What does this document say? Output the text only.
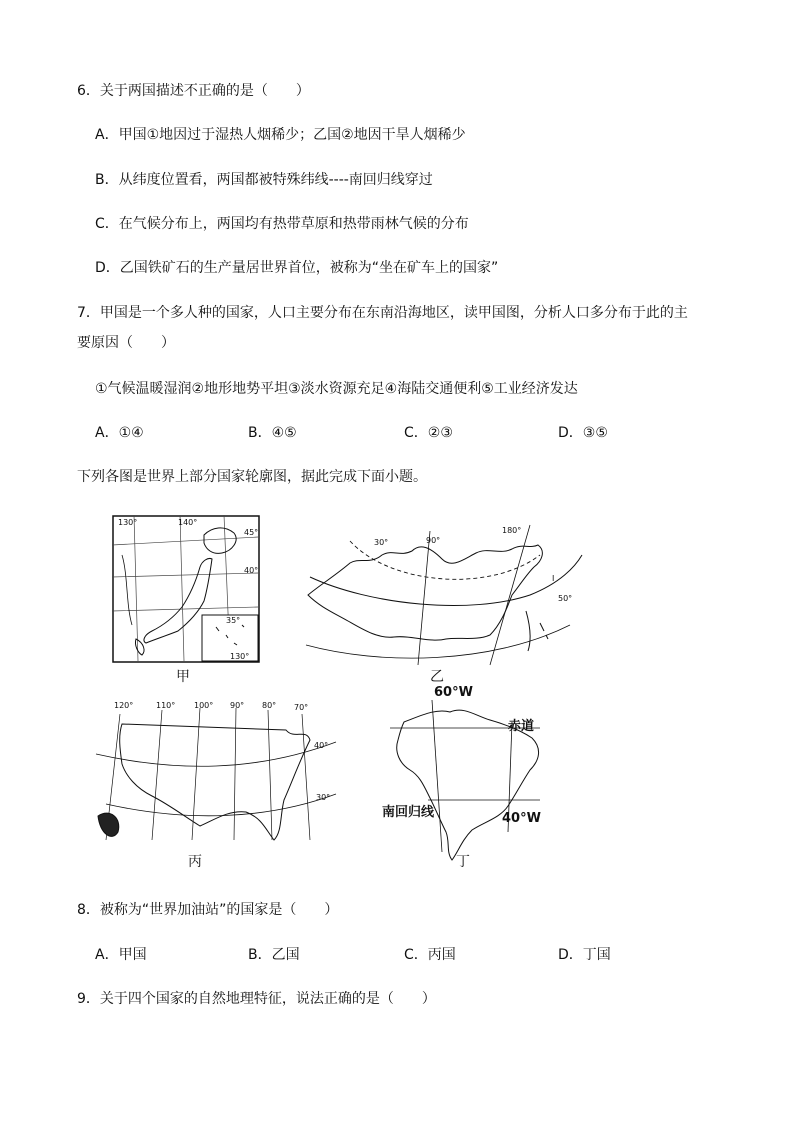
6．关于两国描述不正确的是（　　）
A．甲国①地因过于湿热人烟稀少；乙国②地因干旱人烟稀少
B．从纬度位置看，两国都被特殊纬线----南回归线穿过
C．在气候分布上，两国均有热带草原和热带雨林气候的分布
D．乙国铁矿石的生产量居世界首位，被称为“坐在矿车上的国家”
7．甲国是一个多人种的国家，人口主要分布在东南沿海地区，读甲国图，分析人口多分布于此的主
要原因（　　）
①气候温暖湿润②地形地势平坦③淡水资源充足④海陆交通便利⑤工业经济发达
A．①④	B．④⑤	C．②③	D．③⑤
下列各图是世界上部分国家轮廓图，据此完成下面小题。
130°	140°
45°
40°
35°
130°
甲
30°	90°
180°
I
50°
乙
120°	110° 100° 90° 80° 70°
40°
30°
丙
60°W
赤道
南回归线	40°W
丁
8．被称为“世界加油站”的国家是（　　）
A．甲国	B．乙国	C．丙国	D．丁国
9．关于四个国家的自然地理特征，说法正确的是（　　）
